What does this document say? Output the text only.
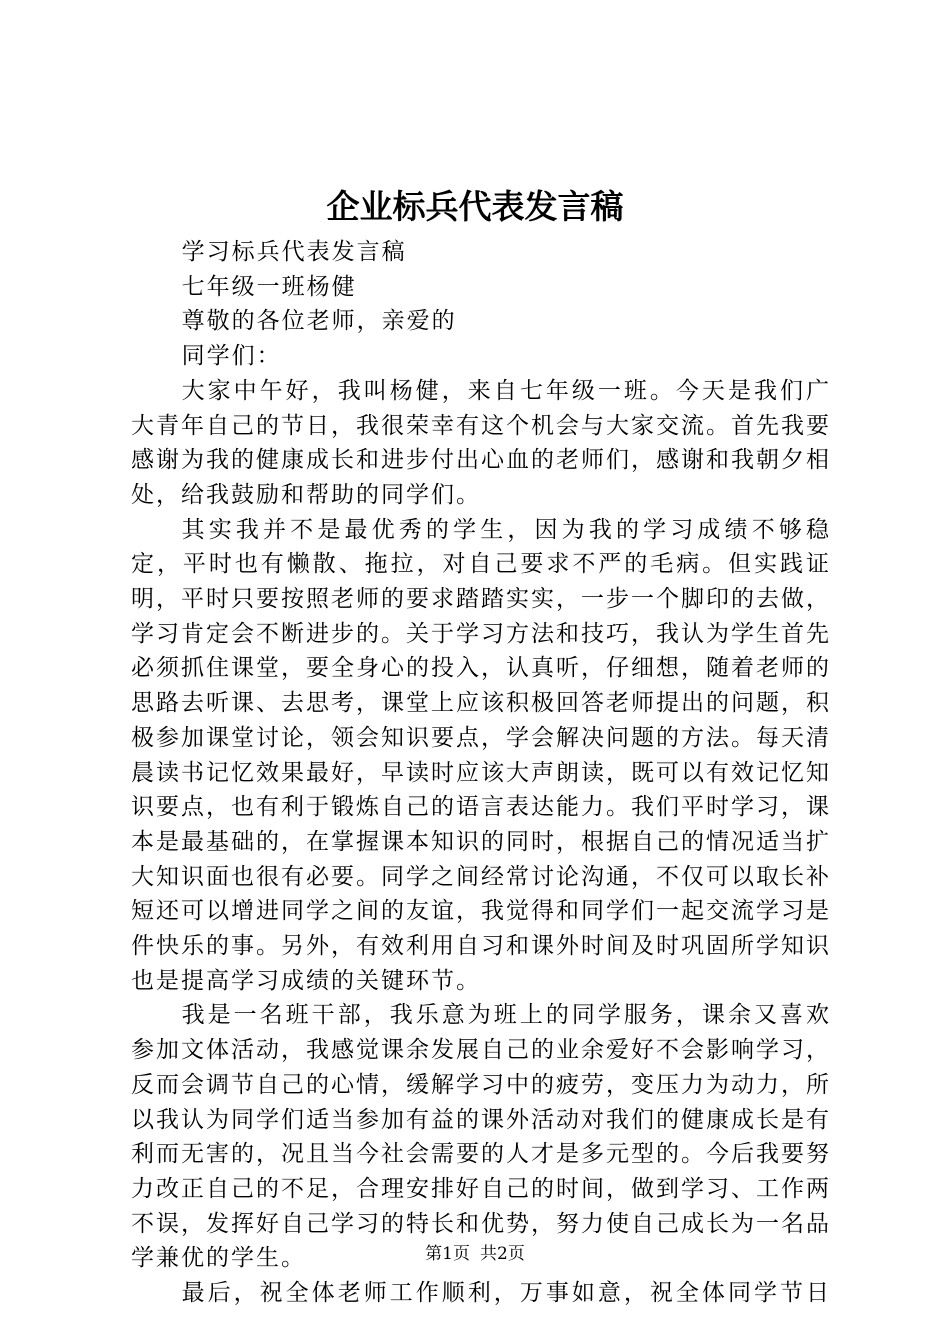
企业标兵代表发言稿

学习标兵代表发言稿

七年级一班杨健

尊敬的各位老师，亲爱的

同学们：

大家中午好，我叫杨健，来自七年级一班。今天是我们广大青年自己的节日，我很荣幸有这个机会与大家交流。首先我要感谢为我的健康成长和进步付出心血的老师们，感谢和我朝夕相处，给我鼓励和帮助的同学们。

其实我并不是最优秀的学生，因为我的学习成绩不够稳定，平时也有懒散、拖拉，对自己要求不严的毛病。但实践证明，平时只要按照老师的要求踏踏实实，一步一个脚印的去做，学习肯定会不断进步的。关于学习方法和技巧，我认为学生首先必须抓住课堂，要全身心的投入，认真听，仔细想，随着老师的思路去听课、去思考，课堂上应该积极回答老师提出的问题，积极参加课堂讨论，领会知识要点，学会解决问题的方法。每天清晨读书记忆效果最好，早读时应该大声朗读，既可以有效记忆知识要点，也有利于锻炼自己的语言表达能力。我们平时学习，课本是最基础的，在掌握课本知识的同时，根据自己的情况适当扩大知识面也很有必要。同学之间经常讨论沟通，不仅可以取长补短还可以增进同学之间的友谊，我觉得和同学们一起交流学习是件快乐的事。另外，有效利用自习和课外时间及时巩固所学知识也是提高学习成绩的关键环节。

我是一名班干部，我乐意为班上的同学服务，课余又喜欢参加文体活动，我感觉课余发展自己的业余爱好不会影响学习，反而会调节自己的心情，缓解学习中的疲劳，变压力为动力，所以我认为同学们适当参加有益的课外活动对我们的健康成长是有利而无害的，况且当今社会需要的人才是多元型的。今后我要努力改正自己的不足，合理安排好自己的时间，做到学习、工作两不误，发挥好自己学习的特长和优势，努力使自己成长为一名品学兼优的学生。

最后，祝全体老师工作顺利，万事如意，祝全体同学节日

第1页 共2页
